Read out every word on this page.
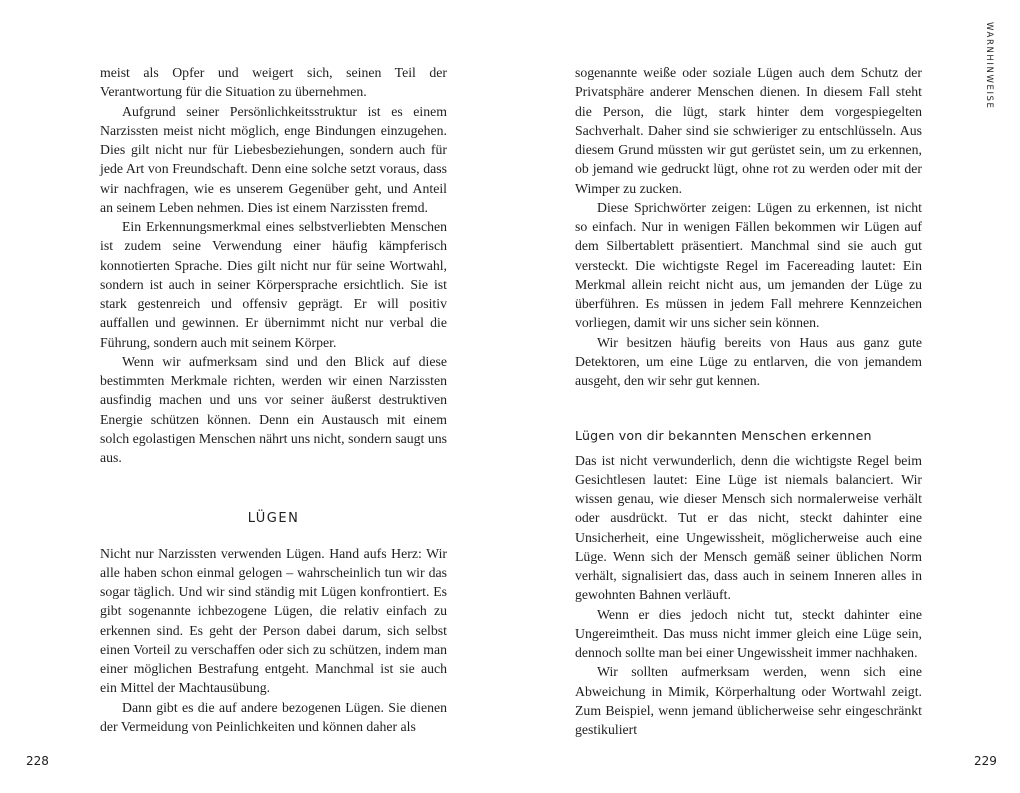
meist als Opfer und weigert sich, seinen Teil der Verantwortung für die Situation zu übernehmen.

Aufgrund seiner Persönlichkeitsstruktur ist es einem Narzissten meist nicht möglich, enge Bindungen einzugehen. Dies gilt nicht nur für Liebesbeziehungen, sondern auch für jede Art von Freundschaft. Denn eine solche setzt voraus, dass wir nachfragen, wie es unserem Gegenüber geht, und Anteil an seinem Leben nehmen. Dies ist einem Narzissten fremd.

Ein Erkennungsmerkmal eines selbstverliebten Menschen ist zudem seine Verwendung einer häufig kämpferisch konnotierten Sprache. Dies gilt nicht nur für seine Wortwahl, sondern ist auch in seiner Körpersprache ersichtlich. Sie ist stark gestenreich und offensiv geprägt. Er will positiv auffallen und gewinnen. Er übernimmt nicht nur verbal die Führung, sondern auch mit seinem Körper.

Wenn wir aufmerksam sind und den Blick auf diese bestimmten Merkmale richten, werden wir einen Narzissten ausfindig machen und uns vor seiner äußerst destruktiven Energie schützen können. Denn ein Austausch mit einem solch egolastigen Menschen nährt uns nicht, sondern saugt uns aus.

LÜGEN

Nicht nur Narzissten verwenden Lügen. Hand aufs Herz: Wir alle haben schon einmal gelogen – wahrscheinlich tun wir das sogar täglich. Und wir sind ständig mit Lügen konfrontiert. Es gibt sogenannte ichbezogene Lügen, die relativ einfach zu erkennen sind. Es geht der Person dabei darum, sich selbst einen Vorteil zu verschaffen oder sich zu schützen, indem man einer möglichen Bestrafung entgeht. Manchmal ist sie auch ein Mittel der Machtausübung.

Dann gibt es die auf andere bezogenen Lügen. Sie dienen der Vermeidung von Peinlichkeiten und können daher als

228
WARNHINWEISE

sogenannte weiße oder soziale Lügen auch dem Schutz der Privatsphäre anderer Menschen dienen. In diesem Fall steht die Person, die lügt, stark hinter dem vorgespiegelten Sachverhalt. Daher sind sie schwieriger zu entschlüsseln. Aus diesem Grund müssten wir gut gerüstet sein, um zu erkennen, ob jemand wie gedruckt lügt, ohne rot zu werden oder mit der Wimper zu zucken.

Diese Sprichwörter zeigen: Lügen zu erkennen, ist nicht so einfach. Nur in wenigen Fällen bekommen wir Lügen auf dem Silbertablett präsentiert. Manchmal sind sie auch gut versteckt. Die wichtigste Regel im Facereading lautet: Ein Merkmal allein reicht nicht aus, um jemanden der Lüge zu überführen. Es müssen in jedem Fall mehrere Kennzeichen vorliegen, damit wir uns sicher sein können.

Wir besitzen häufig bereits von Haus aus ganz gute Detektoren, um eine Lüge zu entlarven, die von jemandem ausgeht, den wir sehr gut kennen.

Lügen von dir bekannten Menschen erkennen

Das ist nicht verwunderlich, denn die wichtigste Regel beim Gesichtlesen lautet: Eine Lüge ist niemals balanciert. Wir wissen genau, wie dieser Mensch sich normalerweise verhält oder ausdrückt. Tut er das nicht, steckt dahinter eine Unsicherheit, eine Ungewissheit, möglicherweise auch eine Lüge. Wenn sich der Mensch gemäß seiner üblichen Norm verhält, signalisiert das, dass auch in seinem Inneren alles in gewohnten Bahnen verläuft.

Wenn er dies jedoch nicht tut, steckt dahinter eine Ungereimtheit. Das muss nicht immer gleich eine Lüge sein, dennoch sollte man bei einer Ungewissheit immer nachhaken.

Wir sollten aufmerksam werden, wenn sich eine Abweichung in Mimik, Körperhaltung oder Wortwahl zeigt. Zum Beispiel, wenn jemand üblicherweise sehr eingeschränkt gestikuliert

229
